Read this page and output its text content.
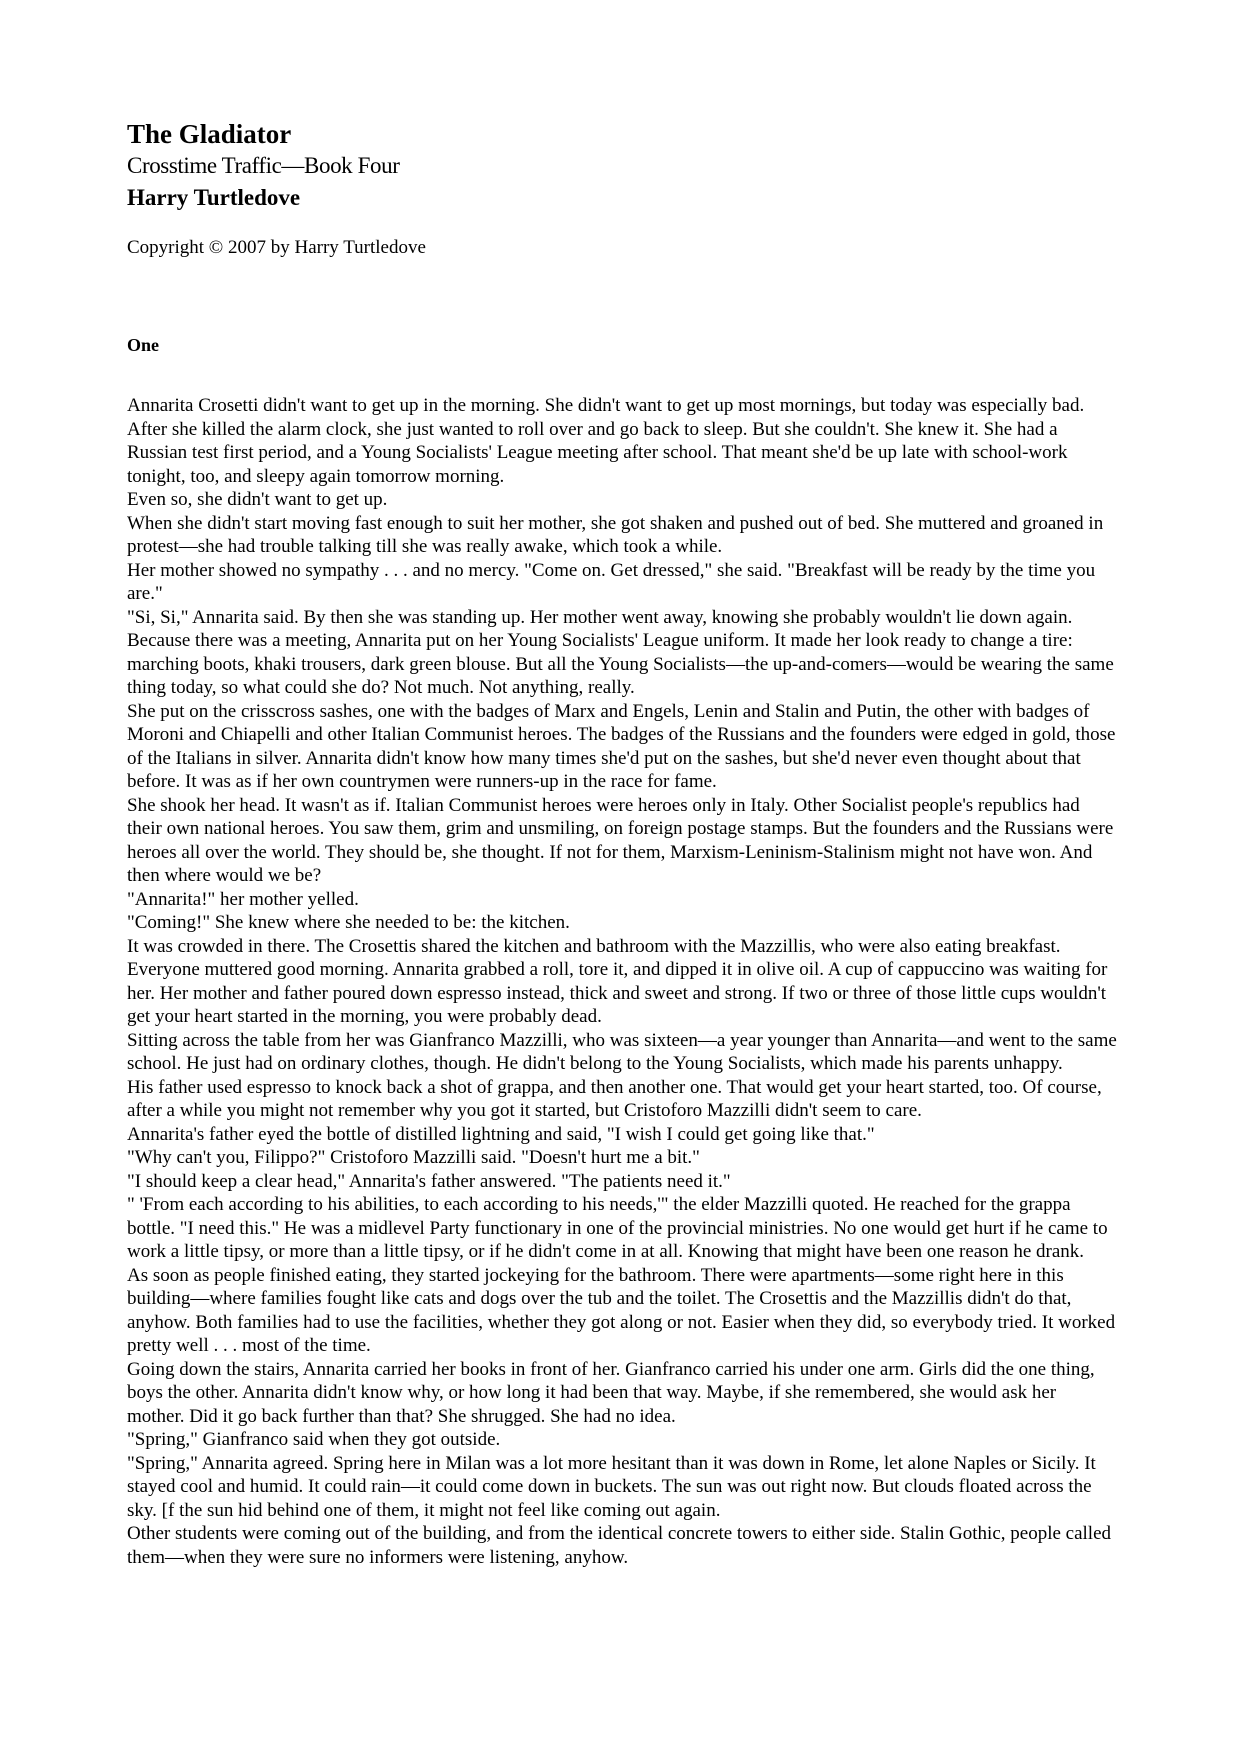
The Gladiator
Crosstime Traffic—Book Four
Harry Turtledove
Copyright © 2007 by Harry Turtledove
One

Annarita Crosetti didn't want to get up in the morning. She didn't want to get up most mornings, but today was especially bad. After she killed the alarm clock, she just wanted to roll over and go back to sleep. But she couldn't. She knew it. She had a Russian test first period, and a Young Socialists' League meeting after school. That meant she'd be up late with school-work tonight, too, and sleepy again tomorrow morning.

Even so, she didn't want to get up.

When she didn't start moving fast enough to suit her mother, she got shaken and pushed out of bed. She muttered and groaned in protest—she had trouble talking till she was really awake, which took a while.

Her mother showed no sympathy . . . and no mercy. "Come on. Get dressed," she said. "Breakfast will be ready by the time you are."

"Si, Si," Annarita said. By then she was standing up. Her mother went away, knowing she probably wouldn't lie down again.

Because there was a meeting, Annarita put on her Young Socialists' League uniform. It made her look ready to change a tire: marching boots, khaki trousers, dark green blouse. But all the Young Socialists—the up-and-comers—would be wearing the same thing today, so what could she do? Not much. Not anything, really.

She put on the crisscross sashes, one with the badges of Marx and Engels, Lenin and Stalin and Putin, the other with badges of Moroni and Chiapelli and other Italian Communist heroes. The badges of the Russians and the founders were edged in gold, those of the Italians in silver. Annarita didn't know how many times she'd put on the sashes, but she'd never even thought about that before. It was as if her own countrymen were runners-up in the race for fame.

She shook her head. It wasn't as if. Italian Communist heroes were heroes only in Italy. Other Socialist people's republics had their own national heroes. You saw them, grim and unsmiling, on foreign postage stamps. But the founders and the Russians were heroes all over the world. They should be, she thought. If not for them, Marxism-Leninism-Stalinism might not have won. And then where would we be?

"Annarita!" her mother yelled.

"Coming!" She knew where she needed to be: the kitchen.

It was crowded in there. The Crosettis shared the kitchen and bathroom with the Mazzillis, who were also eating breakfast. Everyone muttered good morning. Annarita grabbed a roll, tore it, and dipped it in olive oil. A cup of cappuccino was waiting for her. Her mother and father poured down espresso instead, thick and sweet and strong. If two or three of those little cups wouldn't get your heart started in the morning, you were probably dead.

Sitting across the table from her was Gianfranco Mazzilli, who was sixteen—a year younger than Annarita—and went to the same school. He just had on ordinary clothes, though. He didn't belong to the Young Socialists, which made his parents unhappy.

His father used espresso to knock back a shot of grappa, and then another one. That would get your heart started, too. Of course, after a while you might not remember why you got it started, but Cristoforo Mazzilli didn't seem to care.

Annarita's father eyed the bottle of distilled lightning and said, "I wish I could get going like that."

"Why can't you, Filippo?" Cristoforo Mazzilli said. "Doesn't hurt me a bit."

"I should keep a clear head," Annarita's father answered. "The patients need it."

" 'From each according to his abilities, to each according to his needs,'" the elder Mazzilli quoted. He reached for the grappa bottle. "I need this." He was a midlevel Party functionary in one of the provincial ministries. No one would get hurt if he came to work a little tipsy, or more than a little tipsy, or if he didn't come in at all. Knowing that might have been one reason he drank.

As soon as people finished eating, they started jockeying for the bathroom. There were apartments—some right here in this building—where families fought like cats and dogs over the tub and the toilet. The Crosettis and the Mazzillis didn't do that, anyhow. Both families had to use the facilities, whether they got along or not. Easier when they did, so everybody tried. It worked pretty well . . . most of the time.

Going down the stairs, Annarita carried her books in front of her. Gianfranco carried his under one arm. Girls did the one thing, boys the other. Annarita didn't know why, or how long it had been that way. Maybe, if she remembered, she would ask her mother. Did it go back further than that? She shrugged. She had no idea.

"Spring," Gianfranco said when they got outside.

"Spring," Annarita agreed. Spring here in Milan was a lot more hesitant than it was down in Rome, let alone Naples or Sicily. It stayed cool and humid. It could rain—it could come down in buckets. The sun was out right now. But clouds floated across the sky. [f the sun hid behind one of them, it might not feel like coming out again.

Other students were coming out of the building, and from the identical concrete towers to either side. Stalin Gothic, people called them—when they were sure no informers were listening, anyhow.
